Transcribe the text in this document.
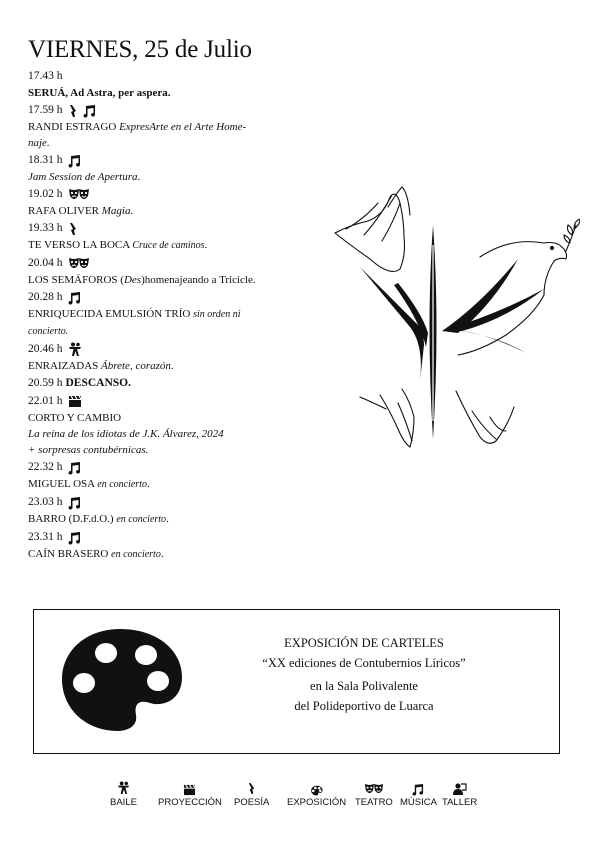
VIERNES, 25 de Julio
17.43 h
SERUÁ, Ad Astra, per aspera.
17.59 h
RANDI ESTRAGO ExpresArte en el Arte Home-
naje.
18.31 h
Jam Session de Apertura.
19.02 h
RAFA OLIVER Magia.
19.33 h
TE VERSO LA BOCA Cruce de caminos.
20.04 h
LOS SEMÁFOROS (Des)homenajeando a Tricicle.
20.28 h
ENRIQUECIDA EMULSIÓN TRÍO sin orden ni
concierto.
20.46 h
ENRAIZADAS Ábrete, corazón.
20.59 h DESCANSO.
22.01 h
CORTO Y CAMBIO
La reina de los idiotas de J.K. Álvarez, 2024
+ sorpresas contubérnicas.
22.32 h
MIGUEL OSA en concierto.
23.03 h
BARRO (D.F.d.O.) en concierto.
23.31 h
CAÍN BRASERO en concierto.
EXPOSICIÓN DE CARTELES
“XX ediciones de Contubernios Líricos”
en la Sala Polivalente
del Polideportivo de Luarca
BAILE PROYECCIÓN POESÍA EXPOSICIÓN TEATRO MÚSICA TALLER
